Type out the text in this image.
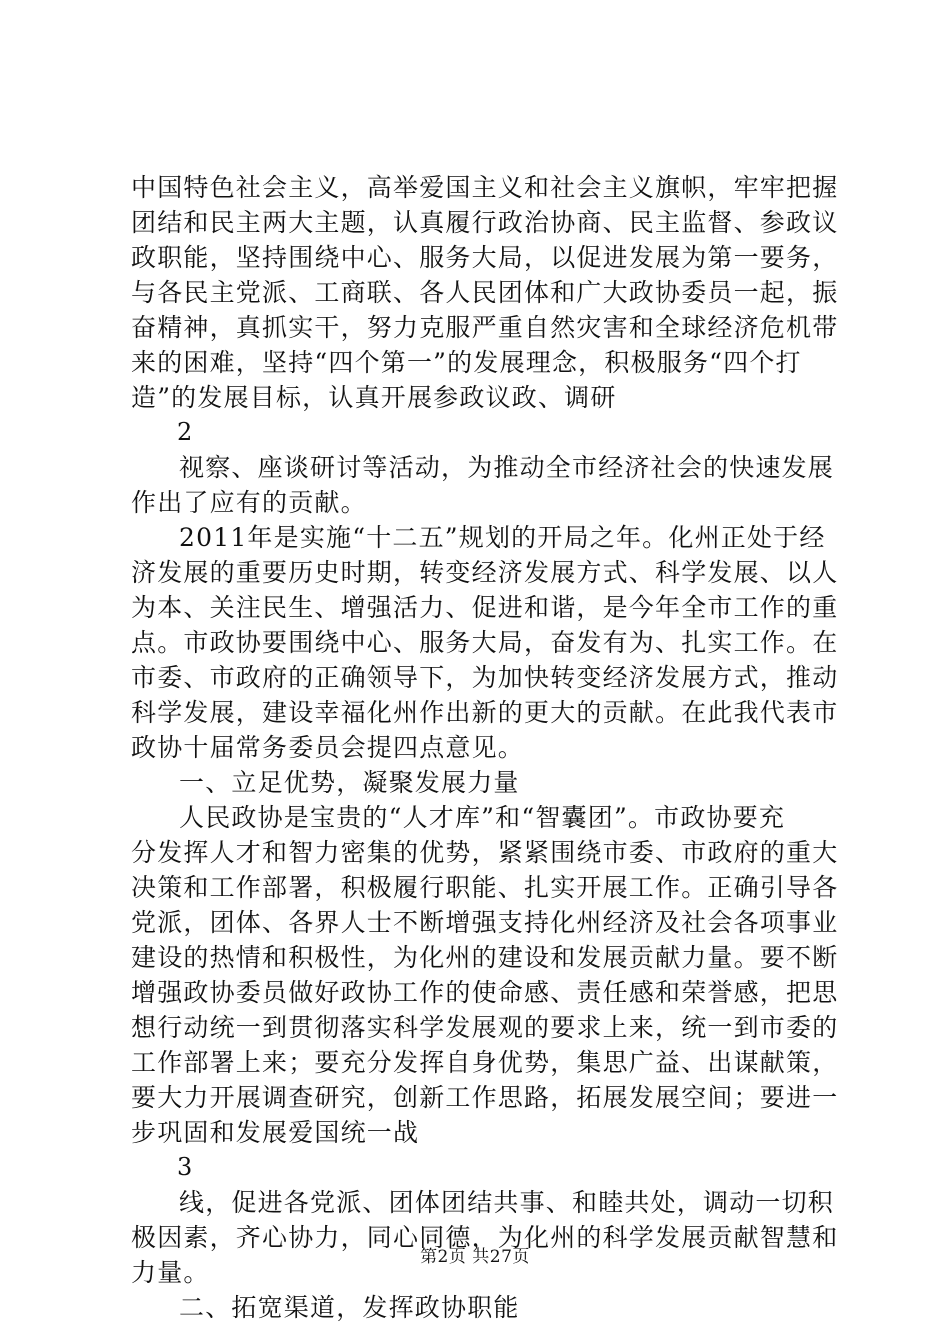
中国特色社会主义，高举爱国主义和社会主义旗帜，牢牢把握
团结和民主两大主题，认真履行政治协商、民主监督、参政议
政职能，坚持围绕中心、服务大局，以促进发展为第一要务，
与各民主党派、工商联、各人民团体和广大政协委员一起，振
奋精神，真抓实干，努力克服严重自然灾害和全球经济危机带
来的困难，坚持“四个第一”的发展理念，积极服务“四个打
造”的发展目标，认真开展参政议政、调研
2
视察、座谈研讨等活动，为推动全市经济社会的快速发展
作出了应有的贡献。
2011年是实施“十二五”规划的开局之年。化州正处于经
济发展的重要历史时期，转变经济发展方式、科学发展、以人
为本、关注民生、增强活力、促进和谐，是今年全市工作的重
点。市政协要围绕中心、服务大局，奋发有为、扎实工作。在
市委、市政府的正确领导下，为加快转变经济发展方式，推动
科学发展，建设幸福化州作出新的更大的贡献。在此我代表市
政协十届常务委员会提四点意见。
一、立足优势，凝聚发展力量
人民政协是宝贵的“人才库”和“智囊团”。市政协要充
分发挥人才和智力密集的优势，紧紧围绕市委、市政府的重大
决策和工作部署，积极履行职能、扎实开展工作。正确引导各
党派，团体、各界人士不断增强支持化州经济及社会各项事业
建设的热情和积极性，为化州的建设和发展贡献力量。要不断
增强政协委员做好政协工作的使命感、责任感和荣誉感，把思
想行动统一到贯彻落实科学发展观的要求上来，统一到市委的
工作部署上来；要充分发挥自身优势，集思广益、出谋献策，
要大力开展调查研究，创新工作思路，拓展发展空间；要进一
步巩固和发展爱国统一战
3
线，促进各党派、团体团结共事、和睦共处，调动一切积
极因素，齐心协力，同心同德，为化州的科学发展贡献智慧和
力量。
二、拓宽渠道，发挥政协职能
第2页 共27页
